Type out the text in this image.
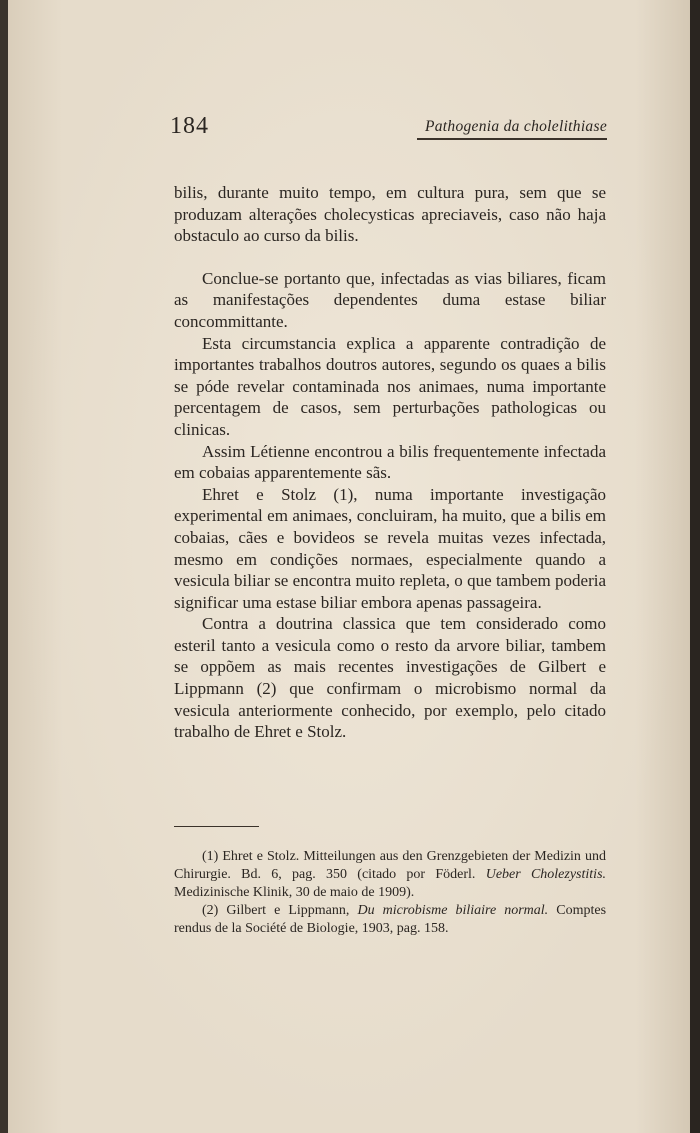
184	Pathogenia da cholelithiase

bilis, durante muito tempo, em cultura pura, sem que se produzam alterações cholecysticas apreciaveis, caso não haja obstaculo ao curso da bilis.

Conclue-se portanto que, infectadas as vias biliares, ficam as manifestações dependentes duma estase biliar concommittante.

Esta circumstancia explica a apparente contradição de importantes trabalhos doutros autores, segundo os quaes a bilis se póde revelar contaminada nos animaes, numa importante percentagem de casos, sem perturbações pathologicas ou clinicas.

Assim Létienne encontrou a bilis frequentemente infectada em cobaias apparentemente sãs.

Ehret e Stolz (1), numa importante investigação experimental em animaes, concluiram, ha muito, que a bilis em cobaias, cães e bovideos se revela muitas vezes infectada, mesmo em condições normaes, especialmente quando a vesicula biliar se encontra muito repleta, o que tambem poderia significar uma estase biliar embora apenas passageira.

Contra a doutrina classica que tem considerado como esteril tanto a vesicula como o resto da arvore biliar, tambem se oppõem as mais recentes investigações de Gilbert e Lippmann (2) que confirmam o microbismo normal da vesicula anteriormente conhecido, por exemplo, pelo citado trabalho de Ehret e Stolz.

(1) Ehret e Stolz. Mitteilungen aus den Grenzgebieten der Medizin und Chirurgie. Bd. 6, pag. 350 (citado por Föderl. Ueber Cholezystitis. Medizinische Klinik, 30 de maio de 1909).

(2) Gilbert e Lippmann, Du microbisme biliaire normal. Comptes rendus de la Société de Biologie, 1903, pag. 158.
